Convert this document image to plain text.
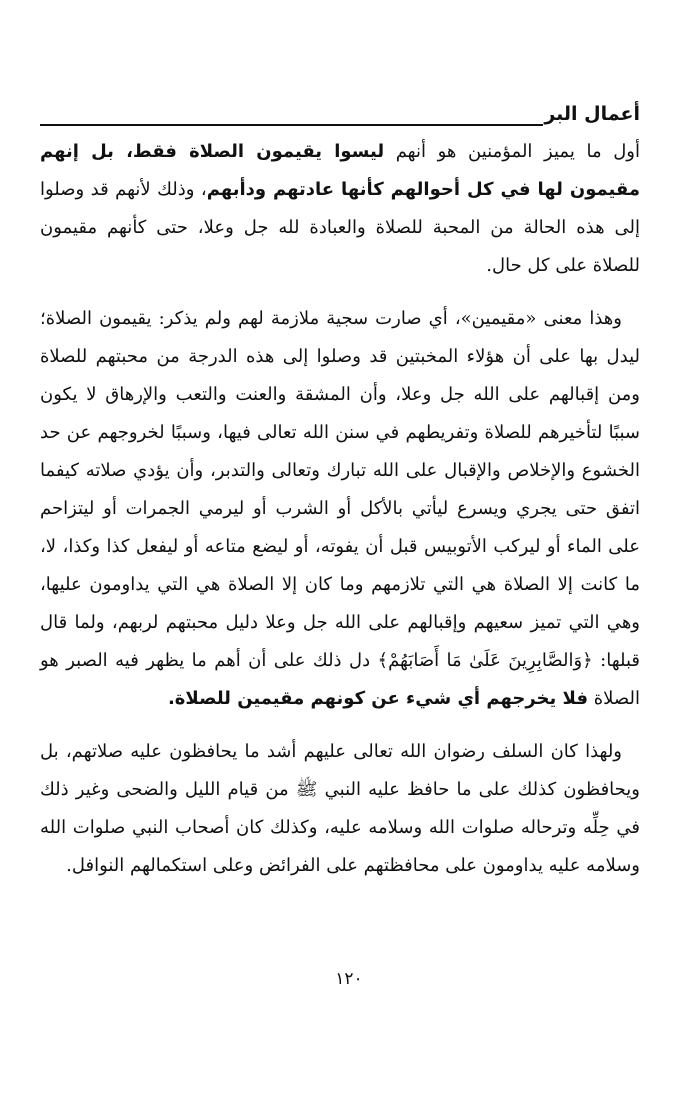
أعمال البر

أول ما يميز المؤمنين هو أنهم ليسوا يقيمون الصلاة فقط، بل إنهم مقيمون لها في كل أحوالهم كأنها عادتهم ودأبهم، وذلك لأنهم قد وصلوا إلى هذه الحالة من المحبة للصلاة والعبادة لله جل وعلا، حتى كأنهم مقيمون للصلاة على كل حال.

وهذا معنى «مقيمين»، أي صارت سجية ملازمة لهم ولم يذكر: يقيمون الصلاة؛ ليدل بها على أن هؤلاء المخبتين قد وصلوا إلى هذه الدرجة من محبتهم للصلاة ومن إقبالهم على الله جل وعلا، وأن المشقة والعنت والتعب والإرهاق لا يكون سببًا لتأخيرهم للصلاة وتفريطهم في سنن الله تعالى فيها، وسببًا لخروجهم عن حد الخشوع والإخلاص والإقبال على الله تبارك وتعالى والتدبر، وأن يؤدي صلاته كيفما اتفق حتى يجري ويسرع ليأتي بالأكل أو الشرب أو ليرمي الجمرات أو ليتزاحم على الماء أو ليركب الأتوبيس قبل أن يفوته، أو ليضع متاعه أو ليفعل كذا وكذا، لا، ما كانت إلا الصلاة هي التي تلازمهم وما كان إلا الصلاة هي التي يداومون عليها، وهي التي تميز سعيهم وإقبالهم على الله جل وعلا دليل محبتهم لربهم، ولما قال قبلها: ﴿وَالصَّابِرِينَ عَلَىٰ مَا أَصَابَهُمْ﴾ دل ذلك على أن أهم ما يظهر فيه الصبر هو الصلاة فلا يخرجهم أي شيء عن كونهم مقيمين للصلاة.

ولهذا كان السلف رضوان الله تعالى عليهم أشد ما يحافظون عليه صلاتهم، بل ويحافظون كذلك على ما حافظ عليه النبي ﷺ من قيام الليل والضحى وغير ذلك في حِلِّه وترحاله صلوات الله وسلامه عليه، وكذلك كان أصحاب النبي صلوات الله وسلامه عليه يداومون على محافظتهم على الفرائض وعلى استكمالهم النوافل.

١٢٠
